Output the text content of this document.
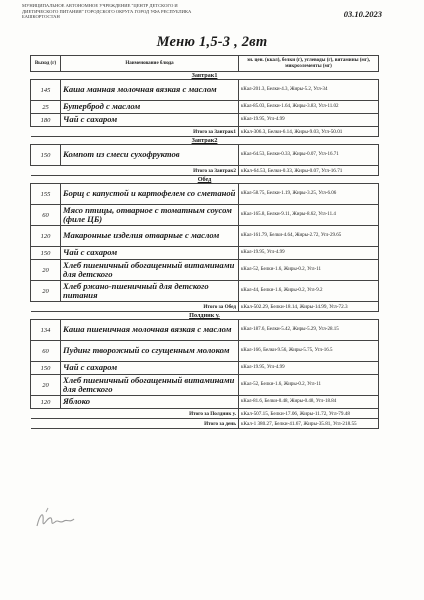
МУНИЦИПАЛЬНОЕ АВТОНОМНОЕ УЧРЕЖДЕНИЕ "ЦЕНТР ДЕТСКОГО И
ДИЕТИЧЕСКОГО ПИТАНИЯ" ГОРОДСКОГО ОКРУГА ГОРОД УФА РЕСПУБЛИКА
БАШКОРТОСТАН	03.10.2023
Меню 1,5-3 , 2вт
Выход (г)	Наименование блюда	эн. цен. (ккал), белки (г), углеводы (г), витамины (мг), микроэлементы (мг)
Завтрак1		
145	Каша манная молочная вязкая с маслом	кКал-201.3, Белки-4.3, Жиры-5.2, Угл-34
25	Бутерброд с маслом	кКал-85.03, Белки-1.64, Жиры-3.83, Угл-11.02
180	Чай с сахаром	кКал-19.95, Угл-4.99
	Итого за Завтрак1	кКал-306.3, Белки-6.14, Жиры-9.03, Угл-50.01
Завтрак2		
150	Компот из смеси сухофруктов	кКал-64.53, Белки-0.33, Жиры-0.07, Угл-16.71
	Итого за Завтрак2	кКал-64.53, Белки-0.33, Жиры-0.07, Угл-16.71
Обед		
155	Борщ с капустой и картофелем со сметаной	кКал-58.75, Белки-1.19, Жиры-3.25, Угл-6.06
60	Мясо птицы, отварное с томатным соусом (филе ЦБ)	кКал-165.8, Белки-9.11, Жиры-8.62, Угл-11.4
120	Макаронные изделия отварные с маслом	кКал-161.79, Белки-4.64, Жиры-2.72, Угл-29.65
150	Чай с сахаром	кКал-19.95, Угл-4.99
20	Хлеб пшеничный обогащенный витаминами для детского	кКал-52, Белки-1.6, Жиры-0.2, Угл-11
20	Хлеб ржано-пшеничный для детского питания	кКал-44, Белки-1.6, Жиры-0.2, Угл-9.2
	Итого за Обед	кКал-502.29, Белки-18.14, Жиры-14.99, Угл-72.3
Полдник у.		
134	Каша пшеничная молочная вязкая с маслом	кКал-187.6, Белки-5.42, Жиры-5.29, Угл-28.15
60	Пудинг творожный со сгущенным молоком	кКал-166, Белки-9.56, Жиры-5.75, Угл-16.5
150	Чай с сахаром	кКал-19.95, Угл-4.99
20	Хлеб пшеничный обогащенный витаминами для детского	кКал-52, Белки-1.6, Жиры-0.2, Угл-11
120	Яблоко	кКал-81.6, Белки-0.48, Жиры-0.48, Угл-18.84
	Итого за Полдник у.	кКал-507.15, Белки-17.06, Жиры-11.72, Угл-79.48
	Итого за день	кКал-1 380.27, Белки-41.67, Жиры-35.81, Угл-218.55
